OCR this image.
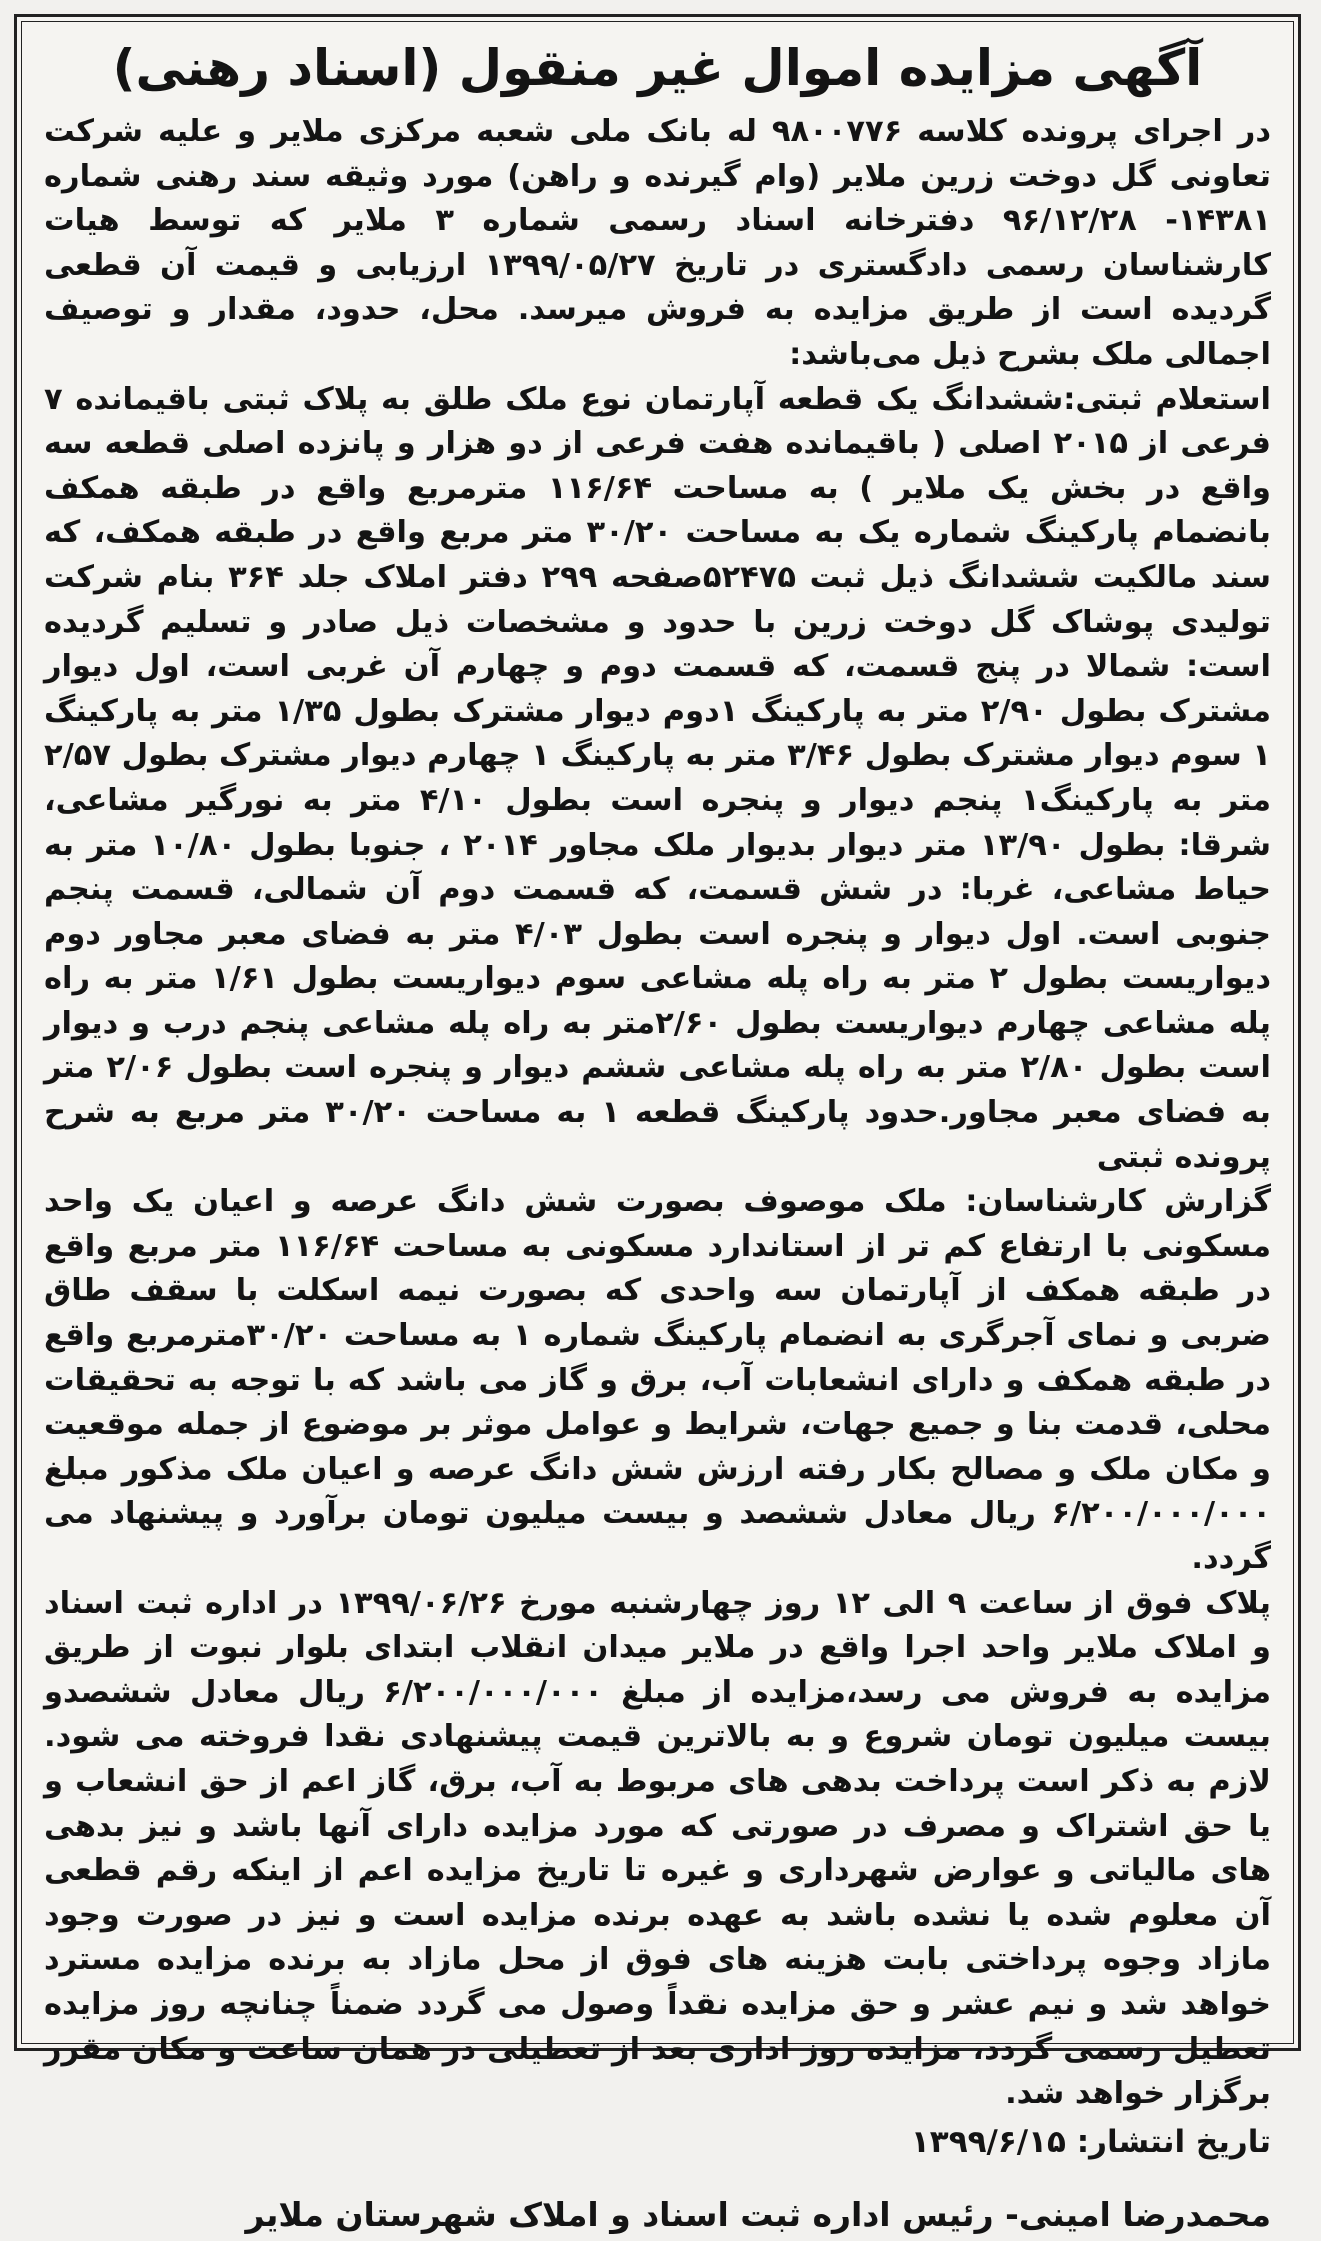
آگهی مزایده اموال غیر منقول (اسناد رهنی)

در اجرای پرونده کلاسه ۹۸۰۰۷۷۶ له بانک ملی شعبه مرکزی ملایر و علیه شرکت تعاونی گل دوخت زرین ملایر (وام گیرنده و راهن) مورد وثیقه سند رهنی شماره ۱۴۳۸۱- ۹۶/۱۲/۲۸ دفترخانه اسناد رسمی شماره ۳ ملایر که توسط هیات کارشناسان رسمی دادگستری در تاریخ ۱۳۹۹/۰۵/۲۷ ارزیابی و قیمت آن قطعی گردیده است از طریق مزایده به فروش میرسد. محل، حدود، مقدار و توصیف اجمالی ملک بشرح ذیل می‌باشد:

استعلام ثبتی:ششدانگ یک قطعه آپارتمان نوع ملک طلق به پلاک ثبتی باقیمانده ۷ فرعی از ۲۰۱۵ اصلی ( باقیمانده هفت فرعی از دو هزار و پانزده اصلی قطعه سه واقع در بخش یک ملایر ) به مساحت ۱۱۶/۶۴ مترمربع واقع در طبقه همکف بانضمام پارکینگ شماره یک به مساحت ۳۰/۲۰ متر مربع واقع در طبقه همکف، که سند مالکیت ششدانگ ذیل ثبت ۵۲۴۷۵صفحه ۲۹۹ دفتر املاک جلد ۳۶۴ بنام شرکت تولیدی پوشاک گل دوخت زرین با حدود و مشخصات ذیل صادر و تسلیم گردیده است: شمالا در پنج قسمت، که قسمت دوم و چهارم آن غربی است، اول دیوار مشترک بطول ۲/۹۰ متر به پارکینگ ۱دوم دیوار مشترک بطول ۱/۳۵ متر به پارکینگ ۱ سوم دیوار مشترک بطول ۳/۴۶ متر به پارکینگ ۱ چهارم دیوار مشترک بطول ۲/۵۷ متر به پارکینگ۱ پنجم دیوار و پنجره است بطول ۴/۱۰ متر به نورگیر مشاعی، شرقا: بطول ۱۳/۹۰ متر دیوار بدیوار ملک مجاور ۲۰۱۴ ، جنوبا بطول ۱۰/۸۰ متر به حیاط مشاعی، غربا: در شش قسمت، که قسمت دوم آن شمالی، قسمت پنجم جنوبی است. اول دیوار و پنجره است بطول ۴/۰۳ متر به فضای معبر مجاور دوم دیواریست بطول ۲ متر به راه پله مشاعی سوم دیواریست بطول ۱/۶۱ متر به راه پله مشاعی چهارم دیواریست بطول ۲/۶۰متر به راه پله مشاعی پنجم درب و دیوار است بطول ۲/۸۰ متر به راه پله مشاعی ششم دیوار و پنجره است بطول ۲/۰۶ متر به فضای معبر مجاور.حدود پارکینگ قطعه ۱ به مساحت ۳۰/۲۰ متر مربع به شرح پرونده ثبتی

گزارش کارشناسان: ملک موصوف بصورت شش دانگ عرصه و اعیان یک واحد مسکونی با ارتفاع کم تر از استاندارد مسکونی به مساحت ۱۱۶/۶۴ متر مربع واقع در طبقه همکف از آپارتمان سه واحدی که بصورت نیمه اسکلت با سقف طاق ضربی و نمای آجرگری به انضمام پارکینگ شماره ۱ به مساحت ۳۰/۲۰مترمربع واقع در طبقه همکف و دارای انشعابات آب، برق و گاز می باشد که با توجه به تحقیقات محلی، قدمت بنا و جمیع جهات، شرایط و عوامل موثر بر موضوع از جمله موقعیت و مکان ملک و مصالح بکار رفته ارزش شش دانگ عرصه و اعیان ملک مذکور مبلغ ۶/۲۰۰/۰۰۰/۰۰۰ ریال معادل ششصد و بیست میلیون تومان برآورد و پیشنهاد می گردد.

پلاک فوق از ساعت ۹ الی ۱۲ روز چهارشنبه مورخ ۱۳۹۹/۰۶/۲۶ در اداره ثبت اسناد و املاک ملایر واحد اجرا واقع در ملایر میدان انقلاب ابتدای بلوار نبوت از طریق مزایده به فروش می رسد،مزایده از مبلغ ۶/۲۰۰/۰۰۰/۰۰۰ ریال معادل ششصدو بیست میلیون تومان شروع و به بالاترین قیمت پیشنهادی نقدا فروخته می شود. لازم به ذکر است پرداخت بدهی های مربوط به آب، برق، گاز اعم از حق انشعاب و یا حق اشتراک و مصرف در صورتی که مورد مزایده دارای آنها باشد و نیز بدهی های مالیاتی و عوارض شهرداری و غیره تا تاریخ مزایده اعم از اینکه رقم قطعی آن معلوم شده یا نشده باشد به عهده برنده مزایده است و نیز در صورت وجود مازاد وجوه پرداختی بابت هزینه های فوق از محل مازاد به برنده مزایده مسترد خواهد شد و نیم عشر و حق مزایده نقداً وصول می گردد ضمناً چنانچه روز مزایده تعطیل رسمی گردد، مزایده روز اداری بعد از تعطیلی در همان ساعت و مکان مقرر برگزار خواهد شد.

تاریخ انتشار: ۱۳۹۹/۶/۱۵
محمدرضا امینی- رئیس اداره ثبت اسناد و املاک شهرستان ملایر
